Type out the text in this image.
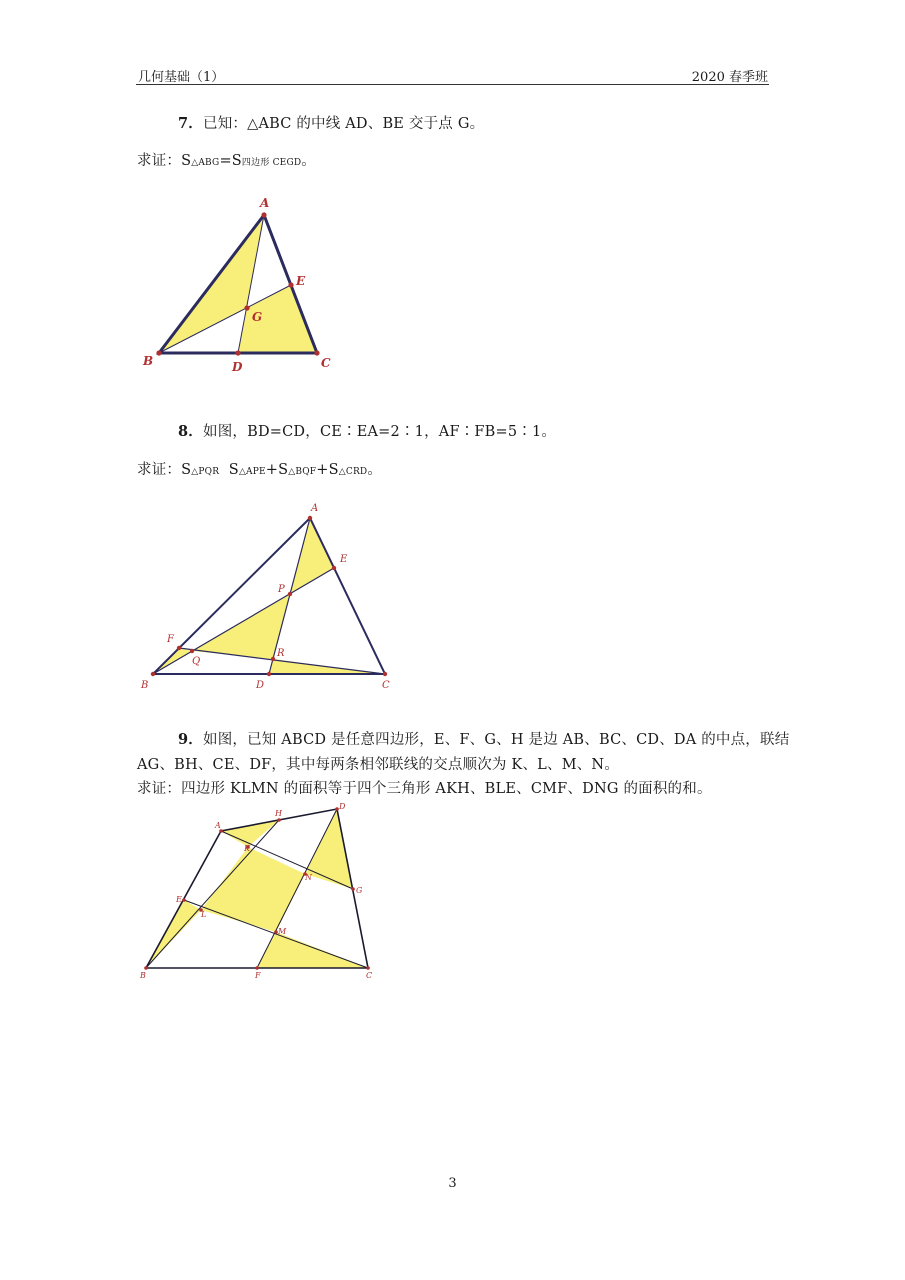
几何基础（1）	2020 春季班
7．已知：△ABC 的中线 AD、BE 交于点 G。
求证：S△ABG=S四边形 CEGD。
A
B	C
D
E
G
8．如图，BD=CD，CE∶EA=2∶1，AF∶FB=5∶1。
求证：S△PQR  S△APE+S△BQF+S△CRD。
A
B	C
D
E
F
P
Q
R
9．如图，已知 ABCD 是任意四边形，E、F、G、H 是边 AB、BC、CD、DA 的中点，联结
AG、BH、CE、DF，其中每两条相邻联线的交点顺次为 K、L、M、N。
求证：四边形 KLMN 的面积等于四个三角形 AKH、BLE、CMF、DNG 的面积的和。
A
B	C
D
E
F
G
H
K
L
M
N
3
